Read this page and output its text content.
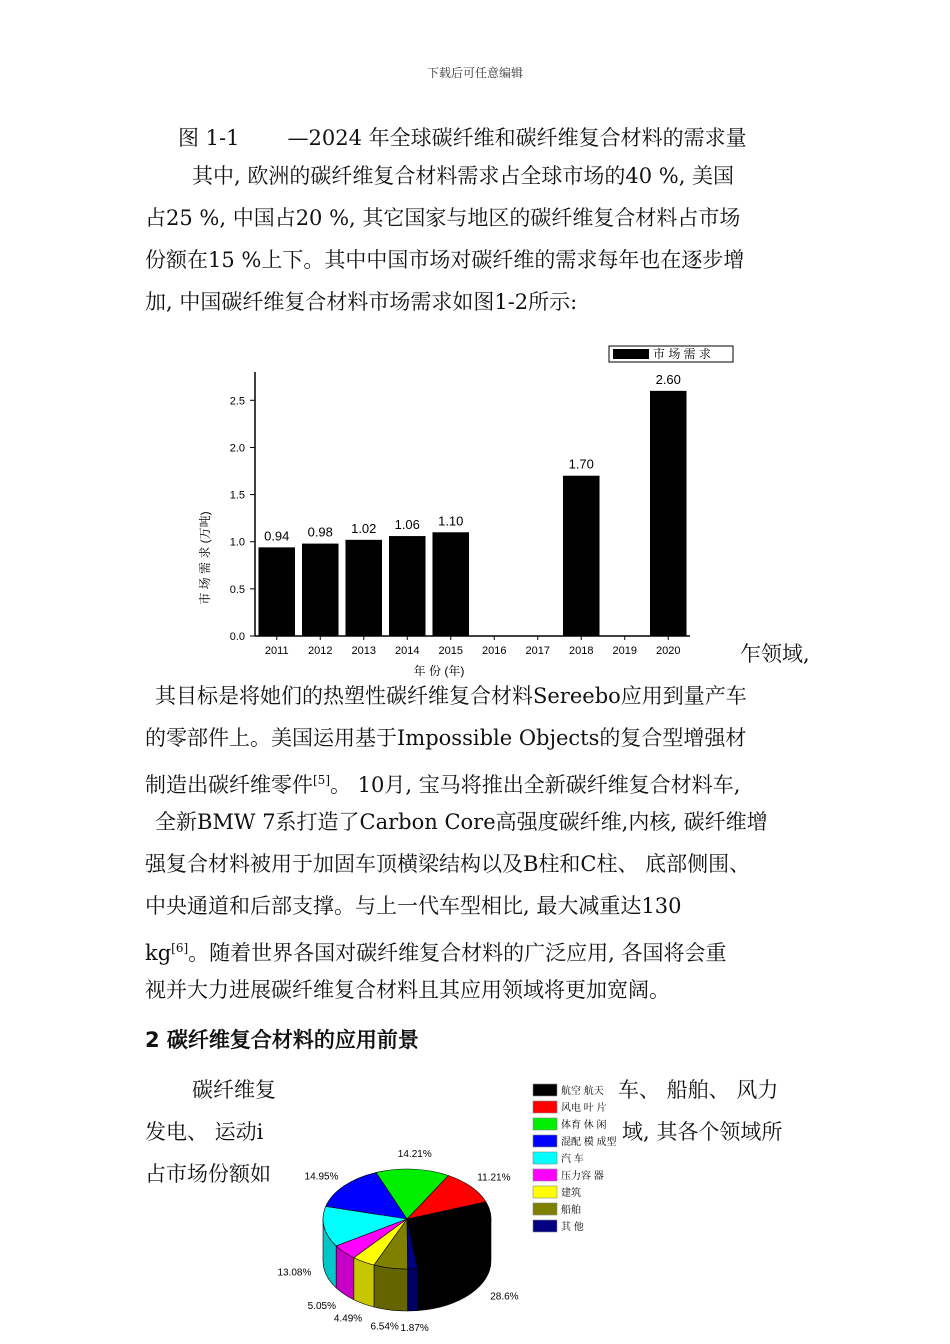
下载后可任意编辑
图 1-1 —2024 年全球碳纤维和碳纤维复合材料的需求量
其中, 欧洲的碳纤维复合材料需求占全球市场的40 %, 美国
占25 %, 中国占20 %, 其它国家与地区的碳纤维复合材料占市场
份额在15 %上下。其中中国市场对碳纤维的需求每年也在逐步增
加, 中国碳纤维复合材料市场需求如图1-2所示:
0.94 0.98 1.02 1.06 1.10
1.70
2.60
0.0
0.5
1.0
1.5
2.0
2.5
2011 2012 2013 2014 2015 2016 2017 2018 2019 2020
市 场 需 求
年 份 (年)
市 场 需 求 (万吨)
乍领域,
其目标是将她们的热塑性碳纤维复合材料Sereebo应用到量产车
的零部件上。美国运用基于Impossible Objects的复合型增强材
制造出碳纤维零件[5]。 10月, 宝马将推出全新碳纤维复合材料车,
全新BMW 7系打造了Carbon Core高强度碳纤维,内核, 碳纤维增
强复合材料被用于加固车顶横梁结构以及B柱和C柱、 底部侧围、
中央通道和后部支撑。与上一代车型相比, 最大减重达130
kg[6]。随着世界各国对碳纤维复合材料的广泛应用, 各国将会重
视并大力进展碳纤维复合材料且其应用领域将更加宽阔。
2 碳纤维复合材料的应用前景
碳纤维复	车、 船舶、 风力
发电、 运动i	域, 其各个领域所
占市场份额如
28.6%
11.21%
14.21%
14.95%
13.08%
5.05%
4.49%
6.54% 1.87%
航空 航天
风电 叶 片
体育 休 闲
混配 模 成型
汽 车
压力容 器
建筑
船舶
其 他
